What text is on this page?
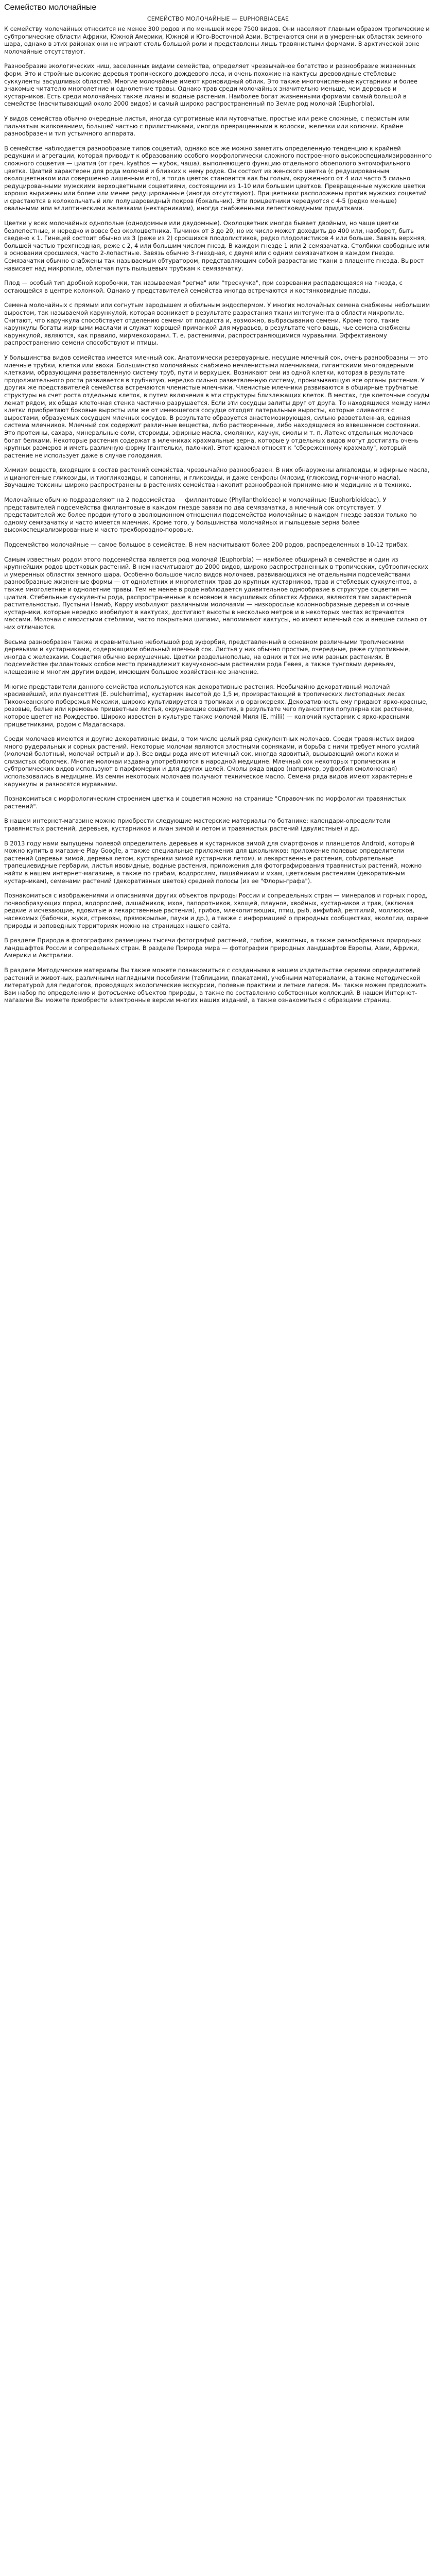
Семейство молочайные
СЕМЕЙСТВО МОЛОЧАЙНЫЕ — EUPHORBIACEAE

К семейству молочайных относится не менее 300 родов и по меньшей мере 7500 видов. Они населяют главным образом тропические и субтропические области Африки, Южной Америки, Южной и Юго-Восточной Азии. Встречаются они и в умеренных областях земного шара, однако в этих районах они не играют столь большой роли и представлены лишь травянистыми формами. В арктической зоне молочайные отсутствуют.

Разнообразие экологических ниш, заселенных видами семейства, определяет чрезвычайное богатство и разнообразие жизненных форм. Это и стройные высокие деревья тропического дождевого леса, и очень похожие на кактусы древовидные стеблевые суккуленты засушливых областей. Многие молочайные имеют кроновидный облик. Это также многочисленные кустарники и более знакомые читателю многолетние и однолетние травы. Однако трав среди молочайных значительно меньше, чем деревьев и кустарников. Есть среди молочайных также лианы и водные растения. Наиболее богат жизненными формами самый большой в семействе (насчитывающий около 2000 видов) и самый широко распространенный по Земле род молочай (Euphorbia).

У видов семейства обычно очередные листья, иногда супротивные или мутовчатые, простые или реже сложные, с перистым или пальчатым жилкованием, большей частью с прилистниками, иногда превращенными в волоски, железки или колючки. Крайне разнообразен и тип устьичного аппарата.

В семействе наблюдается разнообразие типов соцветий, однако все же можно заметить определенную тенденцию к крайней редукции и агрегации, которая приводит к образованию особого морфологически сложного построенного высокоспециализированного сложного соцветия — циатия (от греч. kyathos — кубок, чаша), выполняющего функцию отдельного обоеполого энтомофильного цветка. Циатий характерен для рода молочай и близких к нему родов. Он состоит из женского цветка (с редуцированным околоцветником или совершенно лишенным его), в тогда цветок становится как бы голым, окруженного от 4 или часто 5 сильно редуцированными мужскими верхоцветными соцветиями, состоящими из 1-10 или большим цветков. Превращенные мужские цветки хорошо выражены или более или менее редуцированные (иногда отсутствуют). Прицветники расположены против мужских соцветий и срастаются в колокольчатый или полушаровидный покров (бокальчик). Эти прицветники чередуются с 4-5 (редко меньше) овальными или эллиптическими железками (нектарниками), иногда снабженными лепестковидными придатками.

Цветки у всех молочайных однополые (однодомные или двудомные). Околоцветник иногда бывает двойным, но чаще цветки безлепестные, и нередко и вовсе без околоцветника. Тычинок от 3 до 20, но их число может доходить до 400 или, наоборот, быть сведено к 1. Гинецей состоит обычно из 3 (реже из 2) сросшихся плодолистиков, редко плодолистиков 4 или больше. Завязь верхняя, большей частью трехгнездная, реже с 2, 4 или большим числом гнезд. В каждом гнезде 1 или 2 семязачатка. Столбики свободные или в основании сросшиеся, часто 2-лопастные. Завязь обычно 3-гнездная, с двумя или с одним семязачатком в каждом гнезде. Семязачатки обычно снабжены так называемым обтуратором, представляющим собой разрастание ткани в плаценте гнезда. Вырост нависает над микропиле, облегчая путь пыльцевым трубкам к семязачатку.

Плод — особый тип дробной коробочки, так называемая "регма" или "трескучка", при созревании распадающаяся на гнезда, с остающейся в центре колонкой. Однако у представителей семейства иногда встречаются и костянковидные плоды.

Семена молочайных с прямым или согнутым зародышем и обильным эндоспермом. У многих молочайных семена снабжены небольшим выростом, так называемой карункулой, которая возникает в результате разрастания ткани интегумента в области микропиле. Считают, что карункула способствует отделению семени от плодиста и, возможно, выбрасыванию семени. Кроме того, такие карункулы богаты жирными маслами и служат хорошей приманкой для муравьев, в результате чего ващь, чье семена снабжены карункулой, являются, как правило, мирмекохорами. Т. е. растениями, распространяющимися муравьями. Эффективному распространению семени способствуют и птицы.

У большинства видов семейства имеется млечный сок. Анатомически резервуарные, несущие млечный сок, очень разнообразны — это млечные трубки, клетки или ввохи. Большинство молочайных снабжено нечленистыми млечниками, гигантскими многоядерными клетками, образующими разветвленную систему труб, пути и верхушек. Возникают они из одной клетки, которая в результате продолжительного роста развивается в трубчатую, нередко сильно разветвленную систему, пронизывающую все органы растения. У других же представителей семейства встречаются членистые млечники. Членистые млечники развиваются в обширные трубчатые структуры на счет роста отдельных клеток, в путем включения в эти структуры близлежащих клеток. В местах, где клеточные сосуды лежат рядом, их общая клеточная стенка частично разрушается. Если эти сосудцы залиты друг от друга. То находящиеся между ними клетки приобретают боковые выросты или же от имеющегося сосудце отходят латеральные выросты, которые сливаются с выростами, образуемых сосудцем млечных сосудов. В результате образуется анастомозирующая, сильно разветвленная, единая система млечников. Млечный сок содержит различные вещества, либо растворенные, либо находящиеся во взвешенном состоянии. Это протеины, сахара, минеральные соли, стероиды, эфирные масла, смолянки, каучук, смолы и т. п. Латекс отдельных молочаев богат белками. Некоторые растения содержат в млечниках крахмальные зерна, которые у отдельных видов могут достигать очень крупных размеров и иметь различную форму (гантельки, палочки). Этот крахмал относят к "сбереженному крахмалу", который растение не использует даже в случае голодания.

Химизм веществ, входящих в состав растений семейства, чрезвычайно разнообразен. В них обнаружены алкалоиды, и эфирные масла, и цианогенные гликозиды, и тиогликозиды, и сапонины, и гликозиды, и даже сенфолы (млозид (глюкозид горчичного масла). Звучащие токсины широко распространены в растениях семейства накопит разнообразной принимению и медицине и в технике.

Молочайные обычно подразделяют на 2 подсемейства — филлантовые (Phyllanthoideae) и молочайные (Euphorbioideae). У представителей подсемейства филлантовые в каждом гнезде завязи по два семязачатка, а млечный сок отсутствует. У представителей же более продвинутого в эволюционном отношении подсемейства молочайные в каждом гнезде завязи только по одному семязачатку и часто имеется млечник. Кроме того, у большинства молочайных и пыльцевые зерна более высокоспециализированные и часто трехбороздно-поровые.

Подсемейство молочайные — самое большое в семействе. В нем насчитывают более 200 родов, распределенных в 10-12 трибах.

Самым известным родом этого подсемейства является род молочай (Euphorbia) — наиболее обширный в семействе и один из крупнейших родов цветковых растений. В нем насчитывают до 2000 видов, широко распространенных в тропических, субтропических и умеренных областях земного шара. Особенно большое число видов молочаев, развивающихся не отдельными подсемействами разнообразные жизненные формы — от однолетних и многолетних трав до крупных кустарников, трав и стеблевых суккулентов, а также многолетние и однолетние травы. Тем не менее в роде наблюдается удивительное однообразие в структуре соцветия — циатия. Стебельные суккуленты рода, распространенные в основном в засушливых областях Африки, являются там характерной растительностью. Пустыни Намиб, Карру изобилуют различными молочаями — низкорослые колоннообразные деревья и сочные кустарники, которые нередко изобилуют в кактусах, достигают высоты в несколько метров и в некоторых местах встречаются массами. Молочаи с мясистыми стеблями, часто покрытыми шипами, напоминают кактусы, но имеют млечный сок и внешне сильно от них отличаются.

Весьма разнообразен также и сравнительно небольшой род эуфорбия, представленный в основном различными тропическими деревьями и кустарниками, содержащими обильный млечный сок. Листья у них обычно простые, очередные, реже супротивные, иногда с железками. Соцветия обычно верхушечные. Цветки раздельнополые, на одних и тех же или разных растениях. В подсемействе филлантовых особое место принадлежит каучуконосным растениям рода Гевея, а также тунговым деревьям, клещевине и многим другим видам, имеющим большое хозяйственное значение.

Многие представители данного семейства используются как декоративные растения. Необычайно декоративный молочай красивейший, или пуансеттия (E. pulcherrima), кустарник высотой до 1,5 м, произрастающий в тропических листопадных лесах Тихоокеанского побережья Мексики, широко культивируется в тропиках и в оранжереях. Декоративность ему придают ярко-красные, розовые, белые или кремовые прицветные листья, окружающие соцветия, в результате чего пуансеттия популярна как растение, которое цветет на Рождество. Широко известен в культуре также молочай Миля (E. milii) — колючий кустарник с ярко-красными прицветниками, родом с Мадагаскара.

Среди молочаев имеются и другие декоративные виды, в том числе целый ряд суккулентных молочаев. Среди травянистых видов много рудеральных и сорных растений. Некоторые молочаи являются злостными сорняками, и борьба с ними требует много усилий (молочай болотный, молочай острый и др.). Все виды рода имеют млечный сок, иногда ядовитый, вызывающий ожоги кожи и слизистых оболочек. Многие молочаи издавна употребляются в народной медицине. Млечный сок некоторых тропических и субтропических видов используют в парфюмерии и для других целей. Смолы ряда видов (например, эуфорбия смолоносная) использовались в медицине. Из семян некоторых молочаев получают техническое масло. Семена ряда видов имеют характерные карункулы и разносятся муравьями.

Познакомиться с морфологическим строением цветка и соцветия можно на странице "Справочник по морфологии травянистых растений".

В нашем интернет-магазине можно приобрести следующие мастерские материалы по ботанике: календари-определители травянистых растений, деревьев, кустарников и лиан зимой и летом и травянистых растений (двулистные) и др.

В 2013 году нами выпущены полевой определитель деревьев и кустарников зимой для смартфонов и планшетов Android, который можно купить в магазине Play Google, а также специальные приложения для школьников: приложение полевые определители растений (деревья зимой, деревья летом, кустарники зимой кустарники летом), и лекарственные растения, собирательные трапециевидные гербарии, листья ивовидные, водные растения, приложения для фотографирования травянистых растений, можно найти в нашем интернет-магазине, а также по грибам, водорослям, лишайникам и мхам, цветковым растениям (декоративным кустарникам), семенами растений (декоративных цветов) средней полосы (из ее "Флоры-графа").

Познакомиться с изображениями и описаниями других объектов природы России и сопредельных стран — минералов и горных пород, почвообразующих пород, водорослей, лишайников, мхов, папоротников, хвощей, плаунов, хвойных, кустарников и трав, (включая редкие и исчезающие, ядовитые и лекарственные растения), грибов, млекопитающих, птиц, рыб, амфибий, рептилий, моллюсков, насекомых (бабочки, жуки, стрекозы, прямокрылые, пауки и др.), а также с информацией о природных сообществах, экологии, охране природы и заповедных территориях можно на страницах нашего сайта.

В разделе Природа в фотографиях размещены тысячи фотографий растений, грибов, животных, а также разнообразных природных ландшафтов России и сопредельных стран. В разделе Природа мира — фотографии природных ландшафтов Европы, Азии, Африки, Америки и Австралии.

В разделе Методические материалы Вы также можете познакомиться с созданными в нашем издательстве сериями определителей растений и животных, различными наглядными пособиями (таблицами, плакатами), учебными материалами, а также методической литературой для педагогов, проводящих экологические экскурсии, полевые практики и летние лагеря. Мы также можем предложить Вам набор по определению и фотосъемке объектов природы, а также по составлению собственных коллекций. В нашем Интернет-магазине Вы можете приобрести электронные версии многих наших изданий, а также ознакомиться с образцами страниц.
